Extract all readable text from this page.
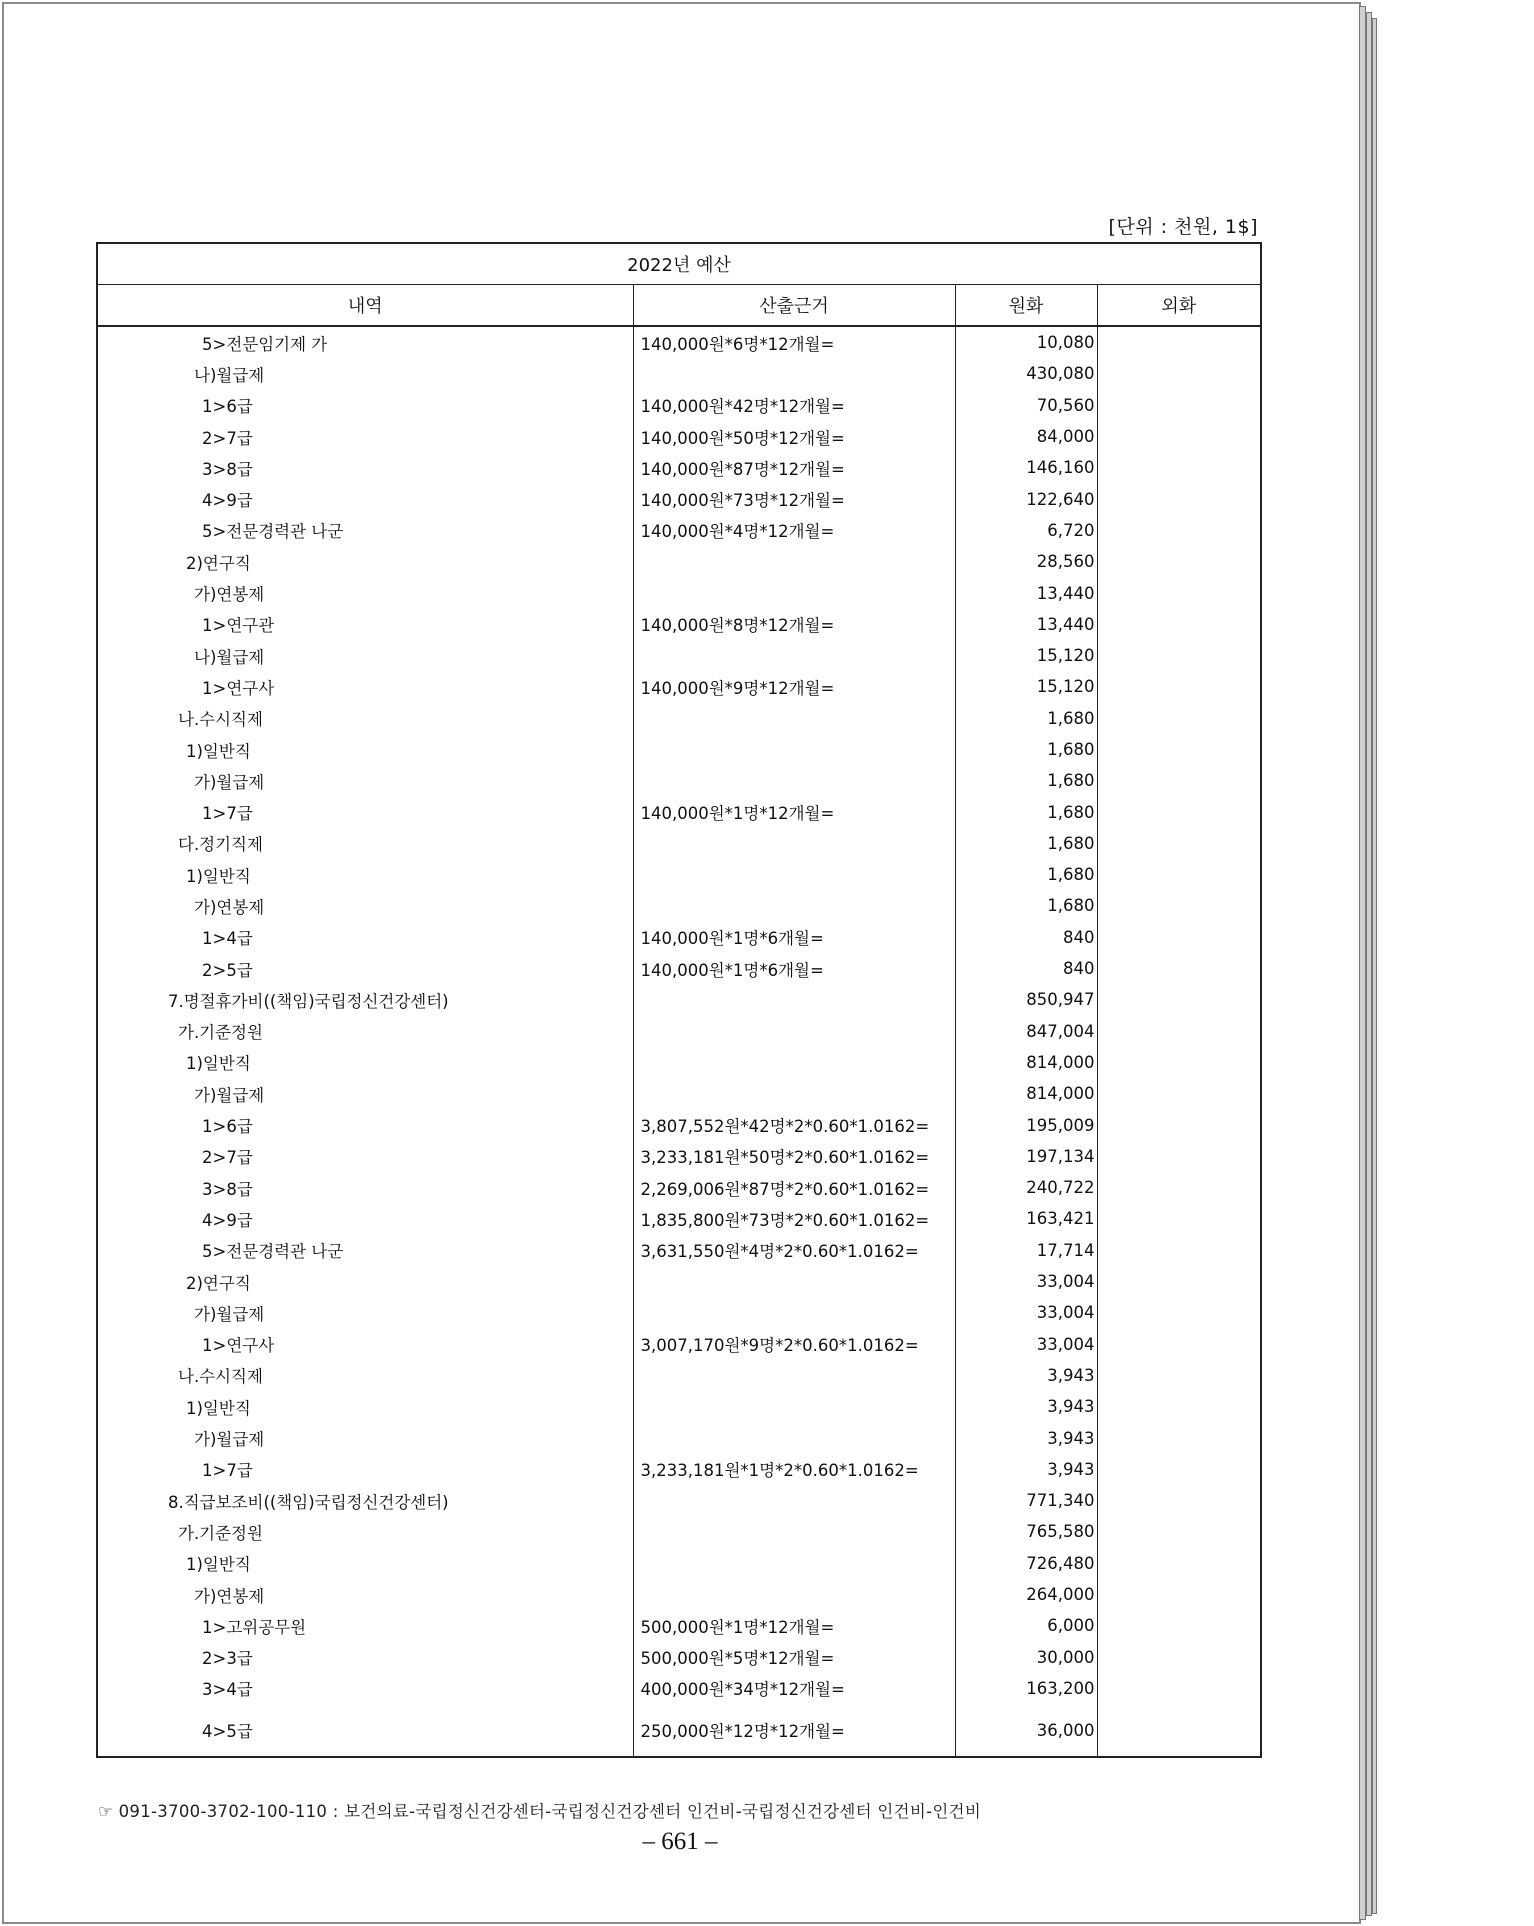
[단위 : 천원, 1$]
2022년 예산			
내역	산출근거	원화	외화
5>전문임기제 가	140,000원*6명*12개월=	10,080	
나)월급제		430,080	
1>6급	140,000원*42명*12개월=	70,560	
2>7급	140,000원*50명*12개월=	84,000	
3>8급	140,000원*87명*12개월=	146,160	
4>9급	140,000원*73명*12개월=	122,640	
5>전문경력관 나군	140,000원*4명*12개월=	6,720	
2)연구직		28,560	
가)연봉제		13,440	
1>연구관	140,000원*8명*12개월=	13,440	
나)월급제		15,120	
1>연구사	140,000원*9명*12개월=	15,120	
나.수시직제		1,680	
1)일반직		1,680	
가)월급제		1,680	
1>7급	140,000원*1명*12개월=	1,680	
다.정기직제		1,680	
1)일반직		1,680	
가)연봉제		1,680	
1>4급	140,000원*1명*6개월=	840	
2>5급	140,000원*1명*6개월=	840	
7.명절휴가비((책임)국립정신건강센터)		850,947	
가.기준정원		847,004	
1)일반직		814,000	
가)월급제		814,000	
1>6급	3,807,552원*42명*2*0.60*1.0162=	195,009	
2>7급	3,233,181원*50명*2*0.60*1.0162=	197,134	
3>8급	2,269,006원*87명*2*0.60*1.0162=	240,722	
4>9급	1,835,800원*73명*2*0.60*1.0162=	163,421	
5>전문경력관 나군	3,631,550원*4명*2*0.60*1.0162=	17,714	
2)연구직		33,004	
가)월급제		33,004	
1>연구사	3,007,170원*9명*2*0.60*1.0162=	33,004	
나.수시직제		3,943	
1)일반직		3,943	
가)월급제		3,943	
1>7급	3,233,181원*1명*2*0.60*1.0162=	3,943	
8.직급보조비((책임)국립정신건강센터)		771,340	
가.기준정원		765,580	
1)일반직		726,480	
가)연봉제		264,000	
1>고위공무원	500,000원*1명*12개월=	6,000	
2>3급	500,000원*5명*12개월=	30,000	
3>4급	400,000원*34명*12개월=	163,200	
4>5급	250,000원*12명*12개월=	36,000	
☞ 091-3700-3702-100-110 : 보건의료-국립정신건강센터-국립정신건강센터 인건비-국립정신건강센터 인건비-인건비
– 661 –
